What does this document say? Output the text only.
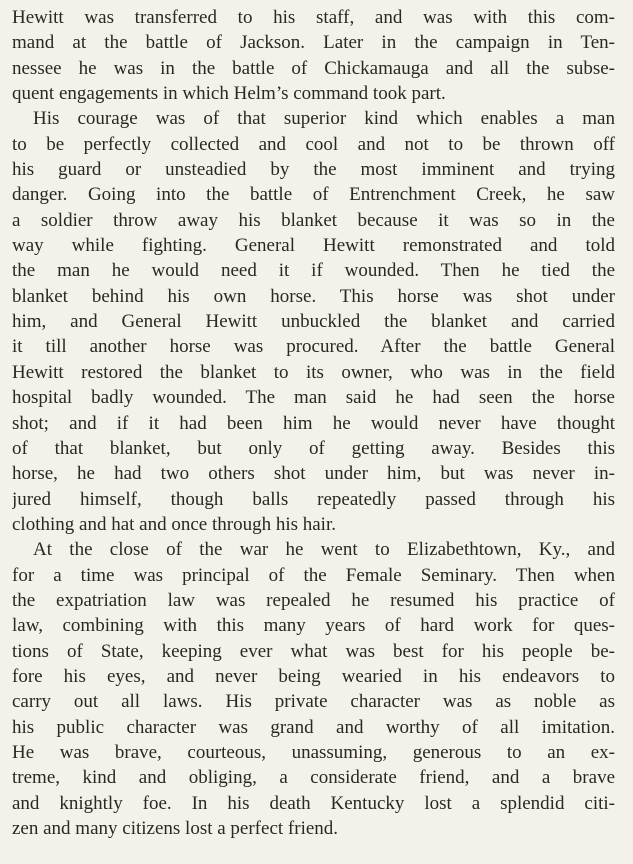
Hewitt was transferred to his staff, and was with this com-
mand at the battle of Jackson. Later in the campaign in Ten-
nessee he was in the battle of Chickamauga and all the subse-
quent engagements in which Helm’s command took part.
His courage was of that superior kind which enables a man
to be perfectly collected and cool and not to be thrown off
his guard or unsteadied by the most imminent and trying
danger. Going into the battle of Entrenchment Creek, he saw
a soldier throw away his blanket because it was so in the
way while fighting. General Hewitt remonstrated and told
the man he would need it if wounded. Then he tied the
blanket behind his own horse. This horse was shot under
him, and General Hewitt unbuckled the blanket and carried
it till another horse was procured. After the battle General
Hewitt restored the blanket to its owner, who was in the field
hospital badly wounded. The man said he had seen the horse
shot; and if it had been him he would never have thought
of that blanket, but only of getting away. Besides this
horse, he had two others shot under him, but was never in-
jured himself, though balls repeatedly passed through his
clothing and hat and once through his hair.
At the close of the war he went to Elizabethtown, Ky., and
for a time was principal of the Female Seminary. Then when
the expatriation law was repealed he resumed his practice of
law, combining with this many years of hard work for ques-
tions of State, keeping ever what was best for his people be-
fore his eyes, and never being wearied in his endeavors to
carry out all laws. His private character was as noble as
his public character was grand and worthy of all imitation.
He was brave, courteous, unassuming, generous to an ex-
treme, kind and obliging, a considerate friend, and a brave
and knightly foe. In his death Kentucky lost a splendid citi-
zen and many citizens lost a perfect friend.
